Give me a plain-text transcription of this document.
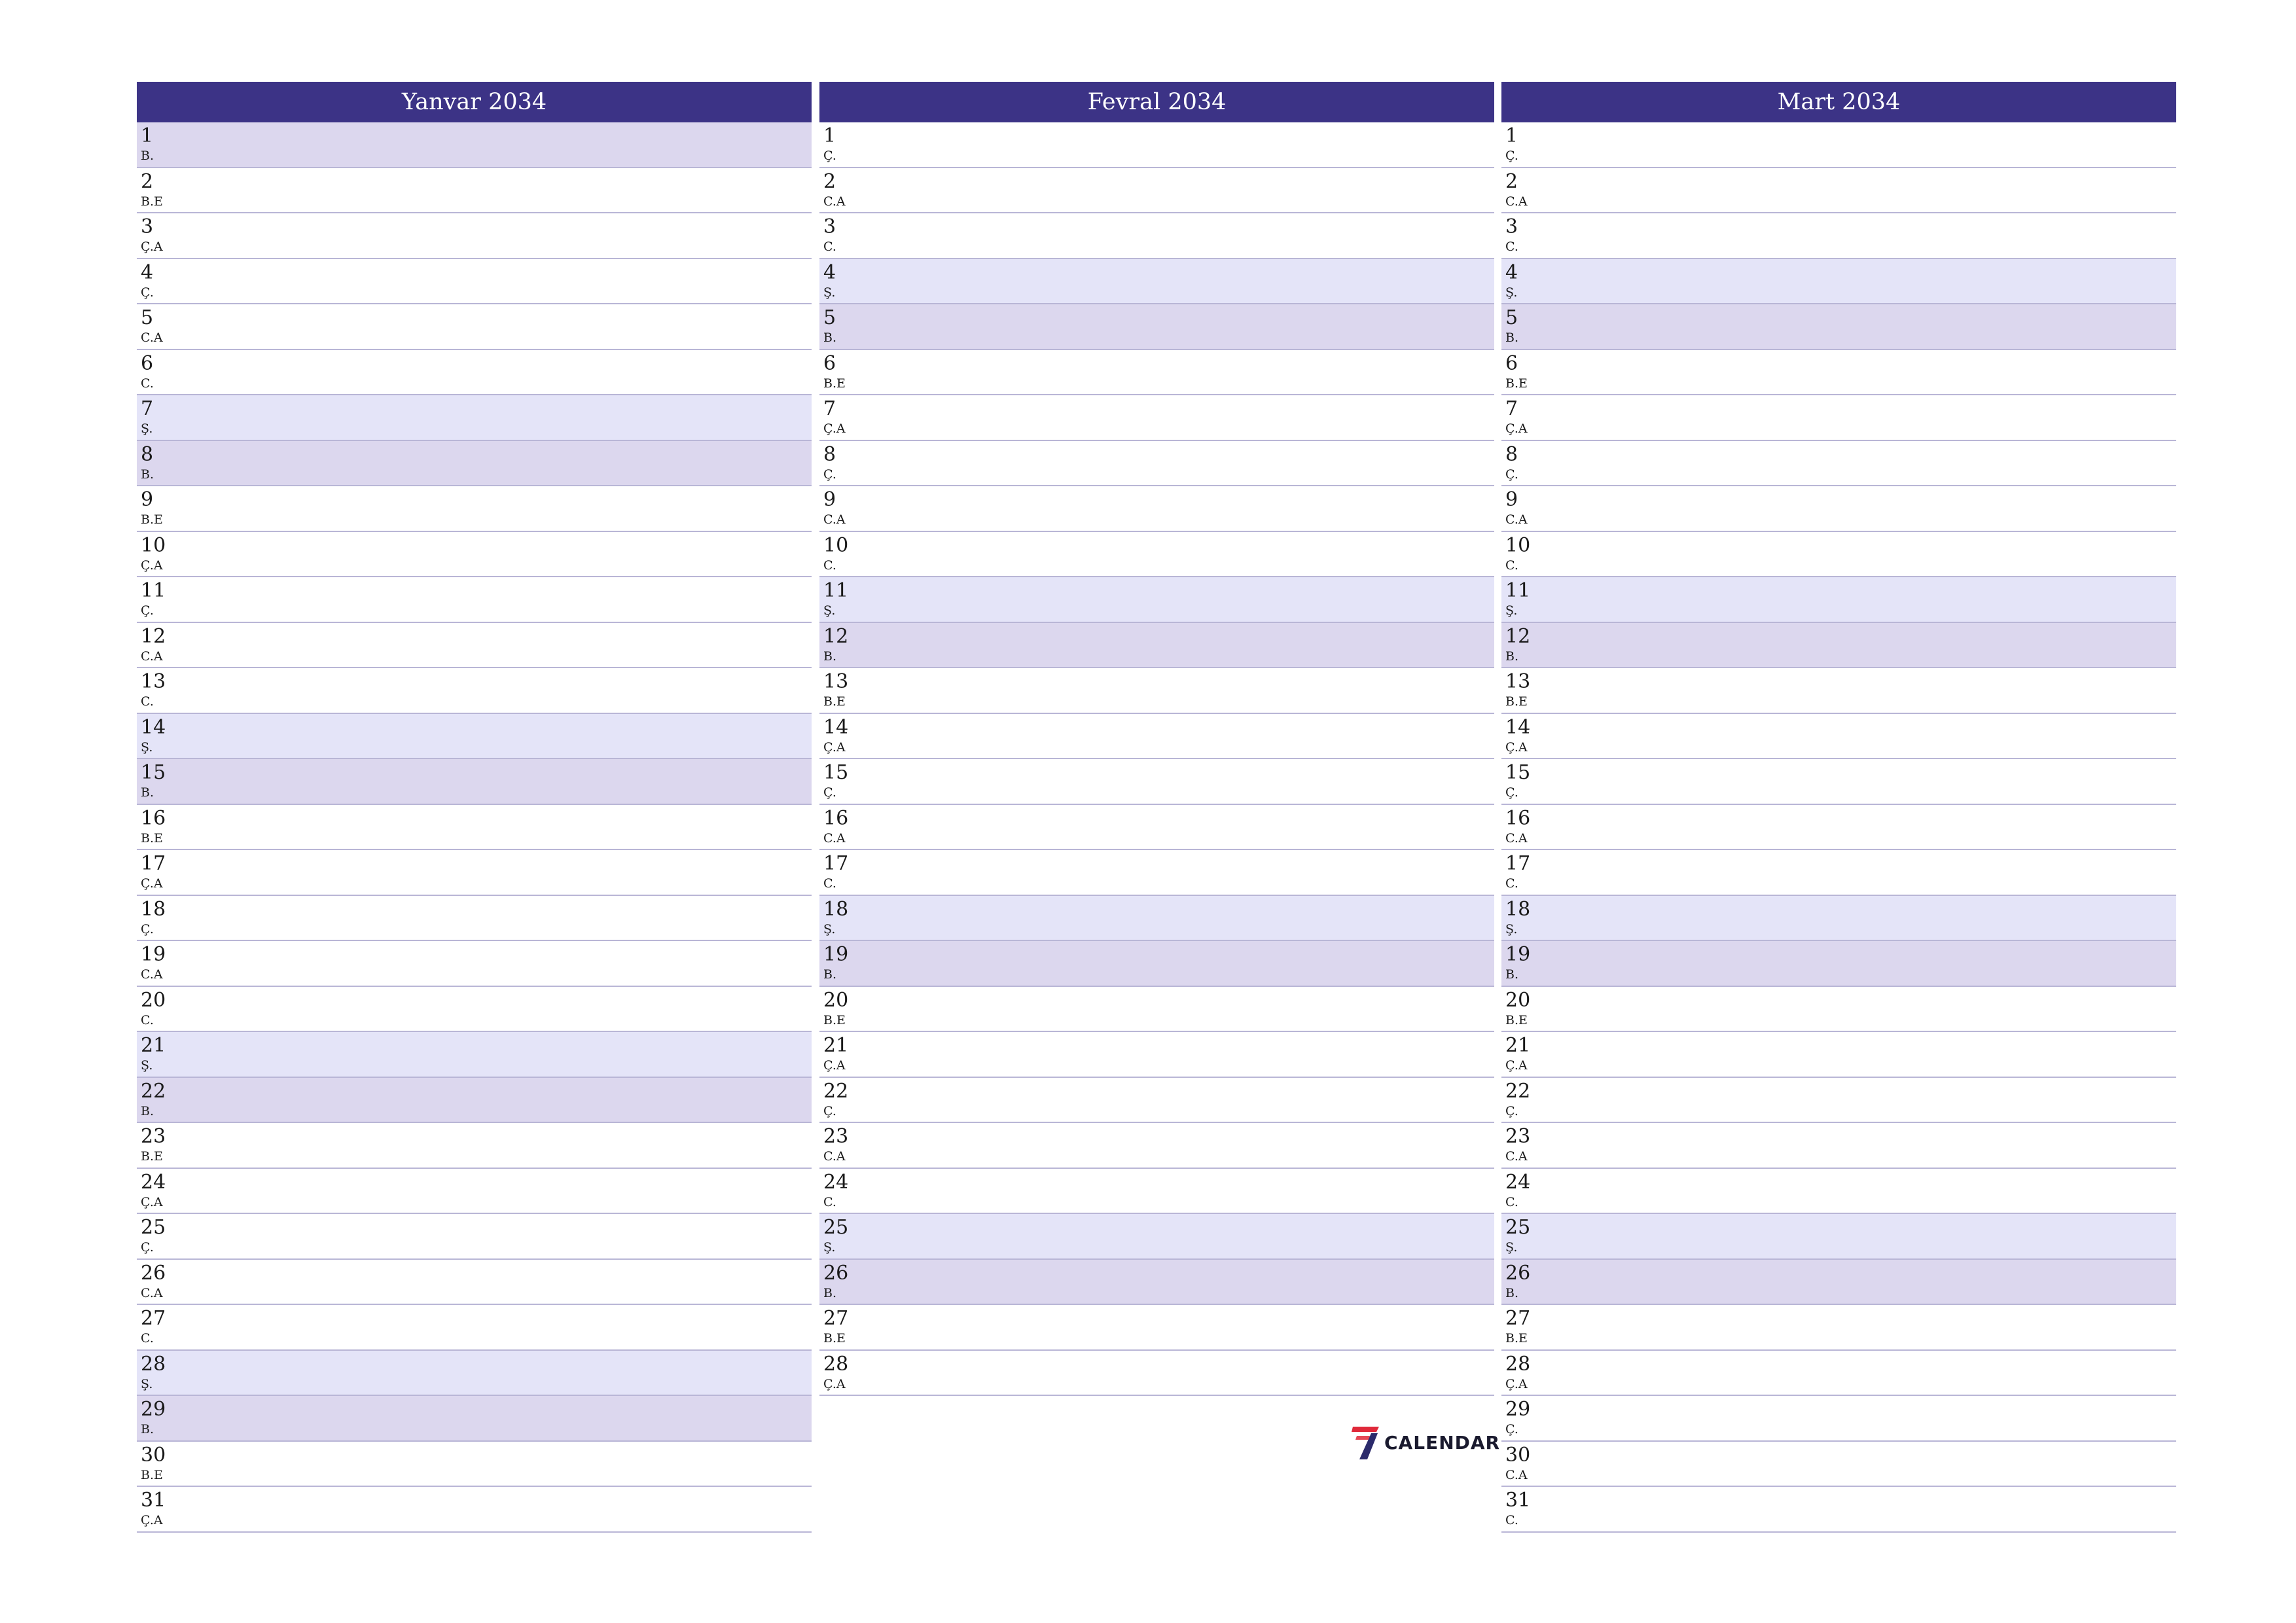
Yanvar 2034
1
B.
2
B.E
3
Ç.A
4
Ç.
5
C.A
6
C.
7
Ş.
8
B.
9
B.E
10
Ç.A
11
Ç.
12
C.A
13
C.
14
Ş.
15
B.
16
B.E
17
Ç.A
18
Ç.
19
C.A
20
C.
21
Ş.
22
B.
23
B.E
24
Ç.A
25
Ç.
26
C.A
27
C.
28
Ş.
29
B.
30
B.E
31
Ç.A
Fevral 2034
1
Ç.
2
C.A
3
C.
4
Ş.
5
B.
6
B.E
7
Ç.A
8
Ç.
9
C.A
10
C.
11
Ş.
12
B.
13
B.E
14
Ç.A
15
Ç.
16
C.A
17
C.
18
Ş.
19
B.
20
B.E
21
Ç.A
22
Ç.
23
C.A
24
C.
25
Ş.
26
B.
27
B.E
28
Ç.A
Mart 2034
1
Ç.
2
C.A
3
C.
4
Ş.
5
B.
6
B.E
7
Ç.A
8
Ç.
9
C.A
10
C.
11
Ş.
12
B.
13
B.E
14
Ç.A
15
Ç.
16
C.A
17
C.
18
Ş.
19
B.
20
B.E
21
Ç.A
22
Ç.
23
C.A
24
C.
25
Ş.
26
B.
27
B.E
28
Ç.A
29
Ç.
30
C.A
31
C.
CALENDAR
